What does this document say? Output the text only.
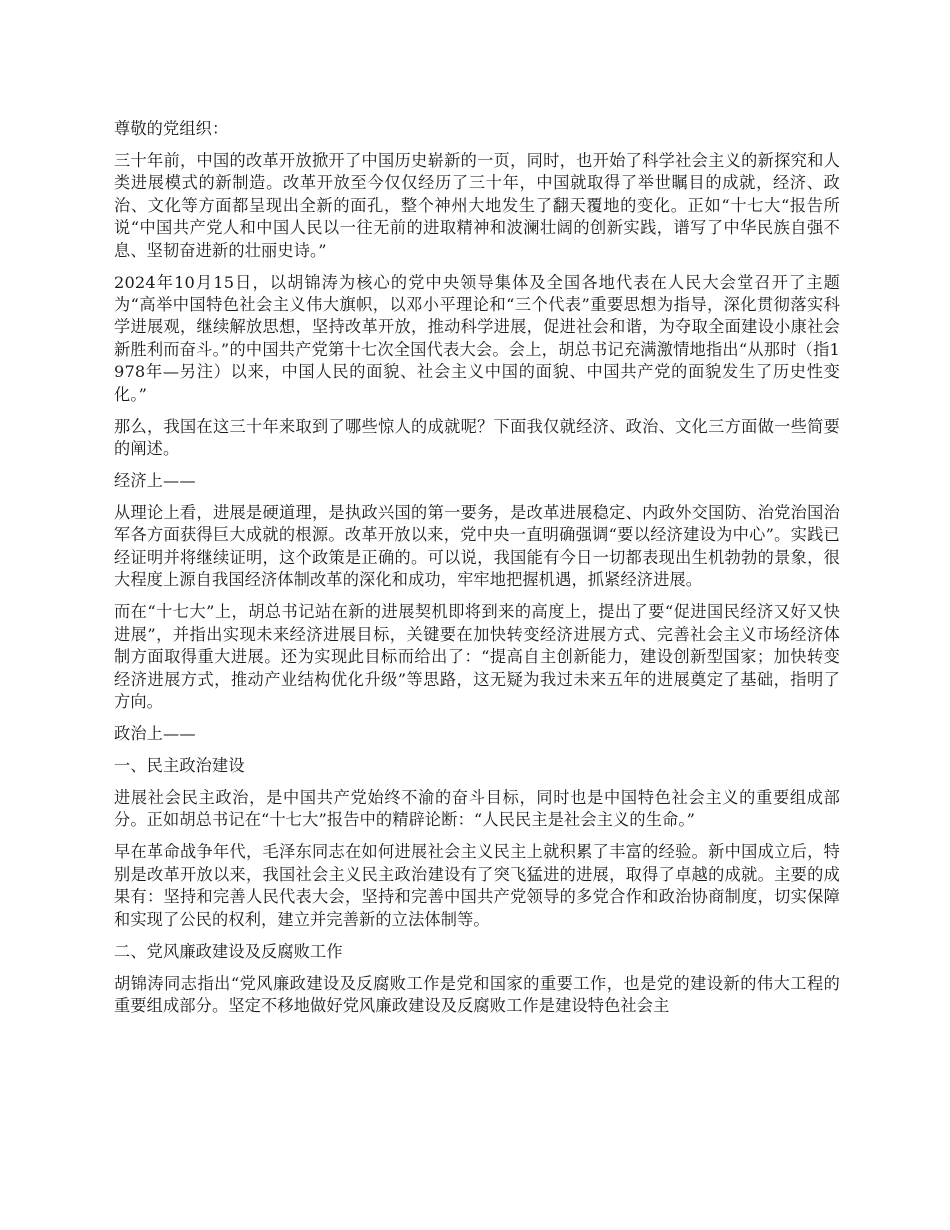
尊敬的党组织：

三十年前，中国的改革开放掀开了中国历史崭新的一页，同时，也开始了科学社会主义的新探究和人类进展模式的新制造。改革开放至今仅仅经历了三十年，中国就取得了举世瞩目的成就，经济、政治、文化等方面都呈现出全新的面孔，整个神州大地发生了翻天覆地的变化。正如“十七大“报告所说“中国共产党人和中国人民以一往无前的进取精神和波澜壮阔的创新实践，谱写了中华民族自强不息、坚韧奋进新的壮丽史诗。”

2024年10月15日，以胡锦涛为核心的党中央领导集体及全国各地代表在人民大会堂召开了主题为“高举中国特色社会主义伟大旗帜，以邓小平理论和“三个代表”重要思想为指导，深化贯彻落实科学进展观，继续解放思想，坚持改革开放，推动科学进展，促进社会和谐，为夺取全面建设小康社会新胜利而奋斗。”的中国共产党第十七次全国代表大会。会上，胡总书记充满激情地指出“从那时（指1978年—另注）以来，中国人民的面貌、社会主义中国的面貌、中国共产党的面貌发生了历史性变化。”

那么，我国在这三十年来取到了哪些惊人的成就呢？下面我仅就经济、政治、文化三方面做一些简要的阐述。

经济上——

从理论上看，进展是硬道理，是执政兴国的第一要务，是改革进展稳定、内政外交国防、治党治国治军各方面获得巨大成就的根源。改革开放以来，党中央一直明确强调“要以经济建设为中心”。实践已经证明并将继续证明，这个政策是正确的。可以说，我国能有今日一切都表现出生机勃勃的景象，很大程度上源自我国经济体制改革的深化和成功，牢牢地把握机遇，抓紧经济进展。

而在“十七大”上，胡总书记站在新的进展契机即将到来的高度上，提出了要“促进国民经济又好又快进展”，并指出实现未来经济进展目标，关键要在加快转变经济进展方式、完善社会主义市场经济体制方面取得重大进展。还为实现此目标而给出了：“提高自主创新能力，建设创新型国家；加快转变经济进展方式，推动产业结构优化升级”等思路，这无疑为我过未来五年的进展奠定了基础，指明了方向。

政治上——

一、民主政治建设

进展社会民主政治，是中国共产党始终不渝的奋斗目标，同时也是中国特色社会主义的重要组成部分。正如胡总书记在“十七大”报告中的精辟论断：“人民民主是社会主义的生命。”

早在革命战争年代，毛泽东同志在如何进展社会主义民主上就积累了丰富的经验。新中国成立后，特别是改革开放以来，我国社会主义民主政治建设有了突飞猛进的进展，取得了卓越的成就。主要的成果有：坚持和完善人民代表大会，坚持和完善中国共产党领导的多党合作和政治协商制度，切实保障和实现了公民的权利，建立并完善新的立法体制等。

二、党风廉政建设及反腐败工作

胡锦涛同志指出“党风廉政建设及反腐败工作是党和国家的重要工作，也是党的建设新的伟大工程的重要组成部分。坚定不移地做好党风廉政建设及反腐败工作是建设特色社会主
